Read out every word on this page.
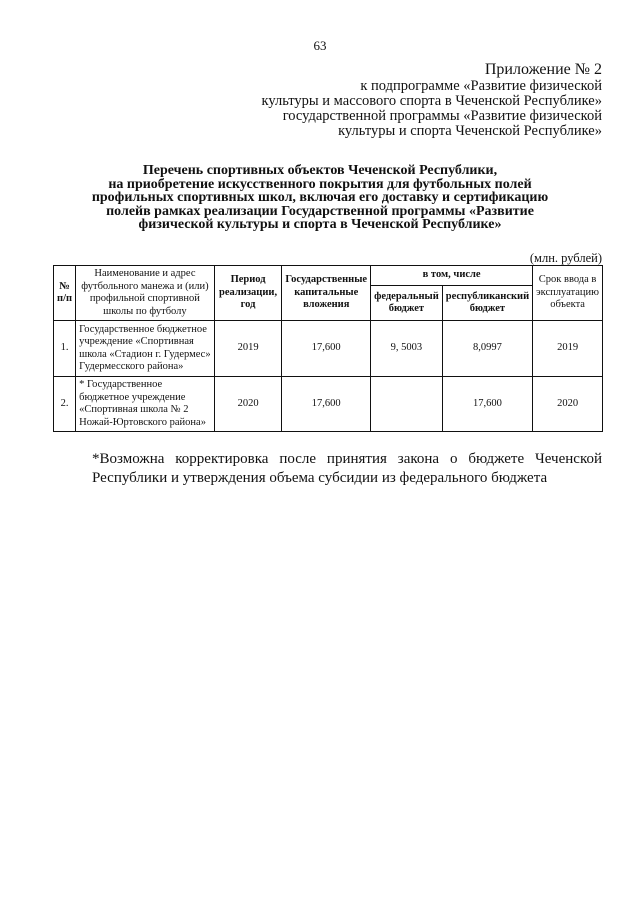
63
Приложение № 2
к подпрограмме «Развитие физической
культуры и массового спорта в Чеченской Республике»
государственной программы «Развитие физической
культуры и спорта Чеченской Республике»
Перечень спортивных объектов Чеченской Республики,
на приобретение искусственного покрытия для футбольных полей
профильных спортивных школ, включая его доставку и сертификацию
полейв рамках реализации Государственной программы «Развитие
физической культуры и спорта в Чеченской Республике»
(млн. рублей)
№ п/п	Наименование и адрес футбольного манежа и (или) профильной спортивной школы по футболу	Период реализации, год	Государственные капитальные вложения	в том, числе		Срок ввода в эксплуатацию объекта
				федеральный бюджет	республиканский бюджет	
1.	Государственное бюджетное учреждение «Спортивная школа «Стадион г. Гудермес» Гудермесского района»	2019	17,600	9, 5003	8,0997	2019
2.	* Государственное бюджетное учреждение «Спортивная школа № 2 Ножай-Юртовского района»	2020	17,600		17,600	2020
*Возможна корректировка после принятия закона о бюджете Чеченской Республики и утверждения объема субсидии из федерального бюджета
